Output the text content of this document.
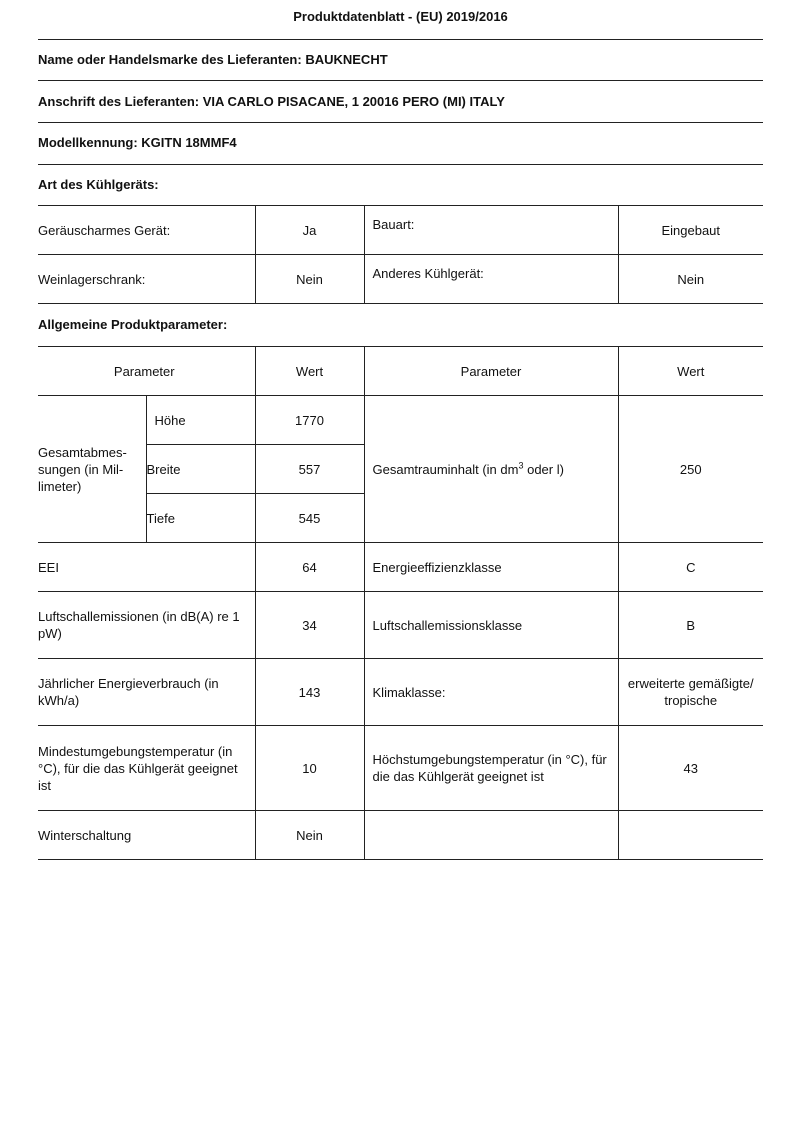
Produktdatenblatt - (EU) 2019/2016
Name oder Handelsmarke des Lieferanten: BAUKNECHT
Anschrift des Lieferanten: VIA CARLO PISACANE, 1 20016 PERO (MI) ITALY
Modellkennung: KGITN 18MMF4
Art des Kühlgeräts:
Geräuscharmes Gerät:	Ja	Bauart:	Eingebaut
Weinlagerschrank:	Nein	Anderes Kühlgerät:	Nein
Allgemeine Produktparameter:
Parameter		Wert	Parameter	Wert
Gesamtabmes-sungen (in Mil-limeter)	Höhe	1770	Gesamtrauminhalt (in $dm^3$ oder l)	250
	Breite	557		
	Tiefe	545		
EEI		64	Energieeffizienzklasse	C
Luftschallemissionen (in dB(A) re 1 pW)		34	Luftschallemissionsklasse	B
Jährlicher Energieverbrauch (in kWh/a)		143	Klimaklasse:	erweiterte gemäßigte/ tropische
Mindestumgebungstemperatur (in °C), für die das Kühlgerät geeignet ist		10	Höchstumgebungstemperatur (in °C), für die das Kühlgerät geeignet ist	43
Winterschaltung		Nein		
